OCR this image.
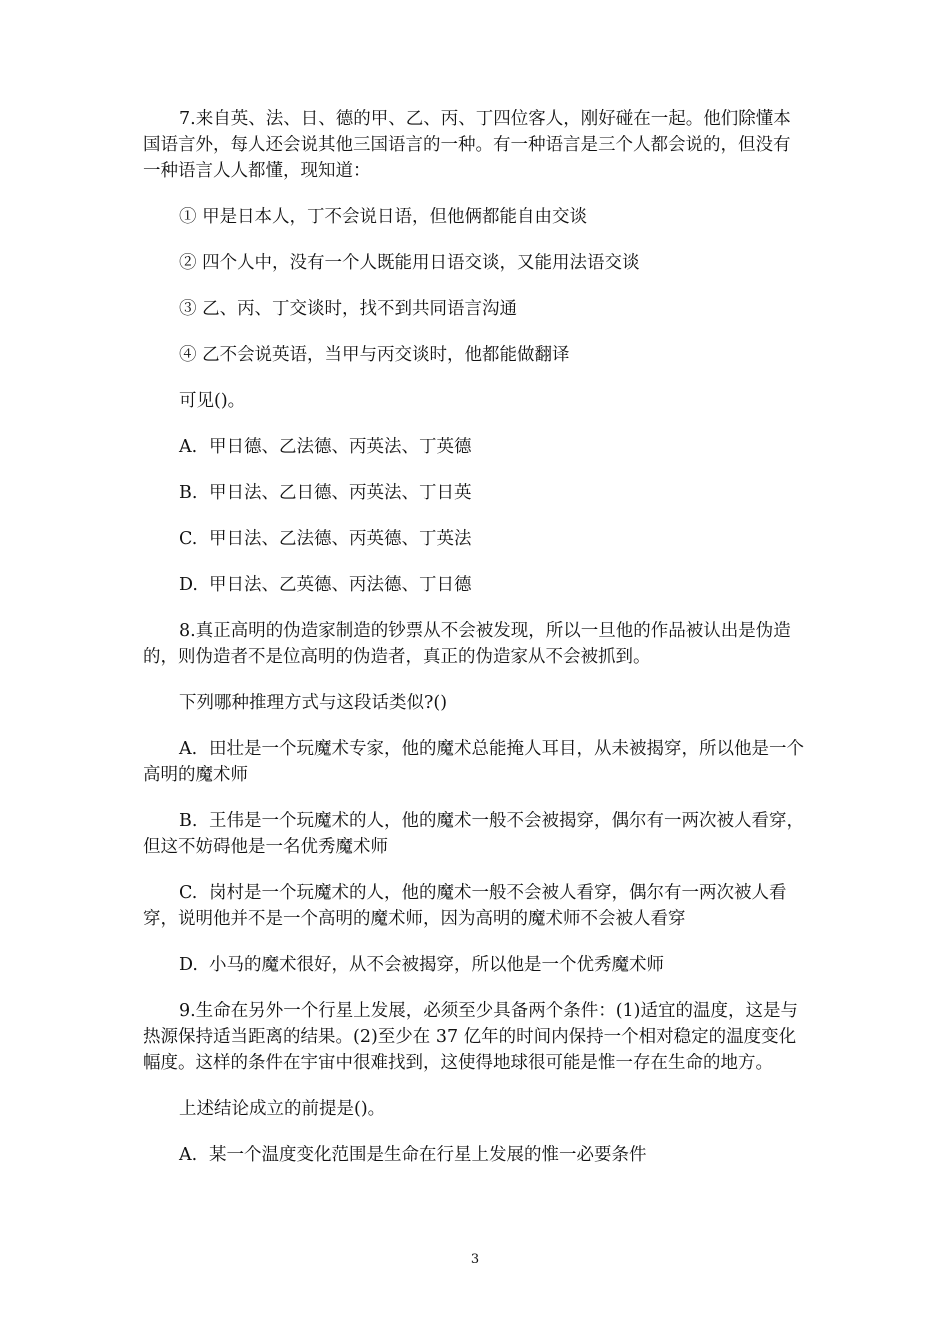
7.来自英、法、日、德的甲、乙、丙、丁四位客人，刚好碰在一起。他们除懂本国语言外，每人还会说其他三国语言的一种。有一种语言是三个人都会说的，但没有一种语言人人都懂，现知道：

① 甲是日本人，丁不会说日语，但他俩都能自由交谈

② 四个人中，没有一个人既能用日语交谈，又能用法语交谈

③ 乙、丙、丁交谈时，找不到共同语言沟通

④ 乙不会说英语，当甲与丙交谈时，他都能做翻译

可见()。

A. 甲日德、乙法德、丙英法、丁英德

B. 甲日法、乙日德、丙英法、丁日英

C. 甲日法、乙法德、丙英德、丁英法

D. 甲日法、乙英德、丙法德、丁日德

8.真正高明的伪造家制造的钞票从不会被发现，所以一旦他的作品被认出是伪造的，则伪造者不是位高明的伪造者，真正的伪造家从不会被抓到。

下列哪种推理方式与这段话类似?()

A. 田壮是一个玩魔术专家，他的魔术总能掩人耳目，从未被揭穿，所以他是一个高明的魔术师

B. 王伟是一个玩魔术的人，他的魔术一般不会被揭穿，偶尔有一两次被人看穿，但这不妨碍他是一名优秀魔术师

C. 岗村是一个玩魔术的人，他的魔术一般不会被人看穿，偶尔有一两次被人看穿，说明他并不是一个高明的魔术师，因为高明的魔术师不会被人看穿

D. 小马的魔术很好，从不会被揭穿，所以他是一个优秀魔术师

9.生命在另外一个行星上发展，必须至少具备两个条件：(1)适宜的温度，这是与热源保持适当距离的结果。(2)至少在 37 亿年的时间内保持一个相对稳定的温度变化幅度。这样的条件在宇宙中很难找到，这使得地球很可能是惟一存在生命的地方。

上述结论成立的前提是()。

A. 某一个温度变化范围是生命在行星上发展的惟一必要条件

3
